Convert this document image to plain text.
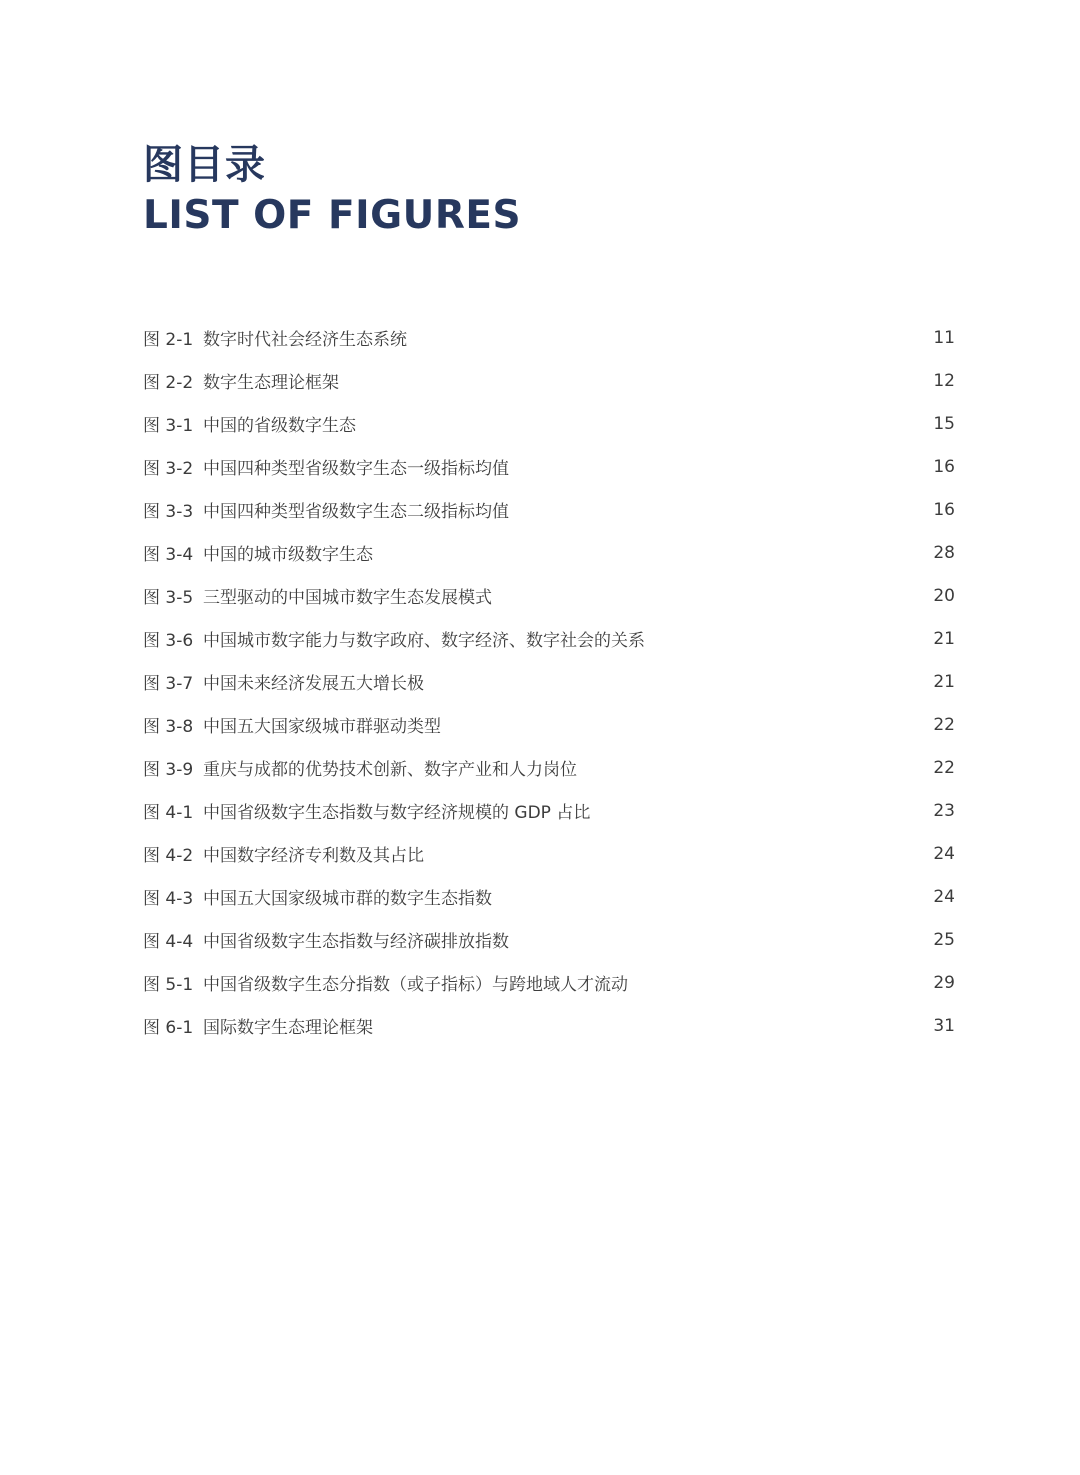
图目录
LIST OF FIGURES
图 2-1 数字时代社会经济生态系统	11
图 2-2 数字生态理论框架	12
图 3-1 中国的省级数字生态	15
图 3-2 中国四种类型省级数字生态一级指标均值	16
图 3-3 中国四种类型省级数字生态二级指标均值	16
图 3-4 中国的城市级数字生态	28
图 3-5 三型驱动的中国城市数字生态发展模式	20
图 3-6 中国城市数字能力与数字政府、数字经济、数字社会的关系	21
图 3-7 中国未来经济发展五大增长极	21
图 3-8 中国五大国家级城市群驱动类型	22
图 3-9 重庆与成都的优势技术创新、数字产业和人力岗位	22
图 4-1 中国省级数字生态指数与数字经济规模的 GDP 占比	23
图 4-2 中国数字经济专利数及其占比	24
图 4-3 中国五大国家级城市群的数字生态指数	24
图 4-4 中国省级数字生态指数与经济碳排放指数	25
图 5-1 中国省级数字生态分指数（或子指标）与跨地域人才流动	29
图 6-1 国际数字生态理论框架	31
